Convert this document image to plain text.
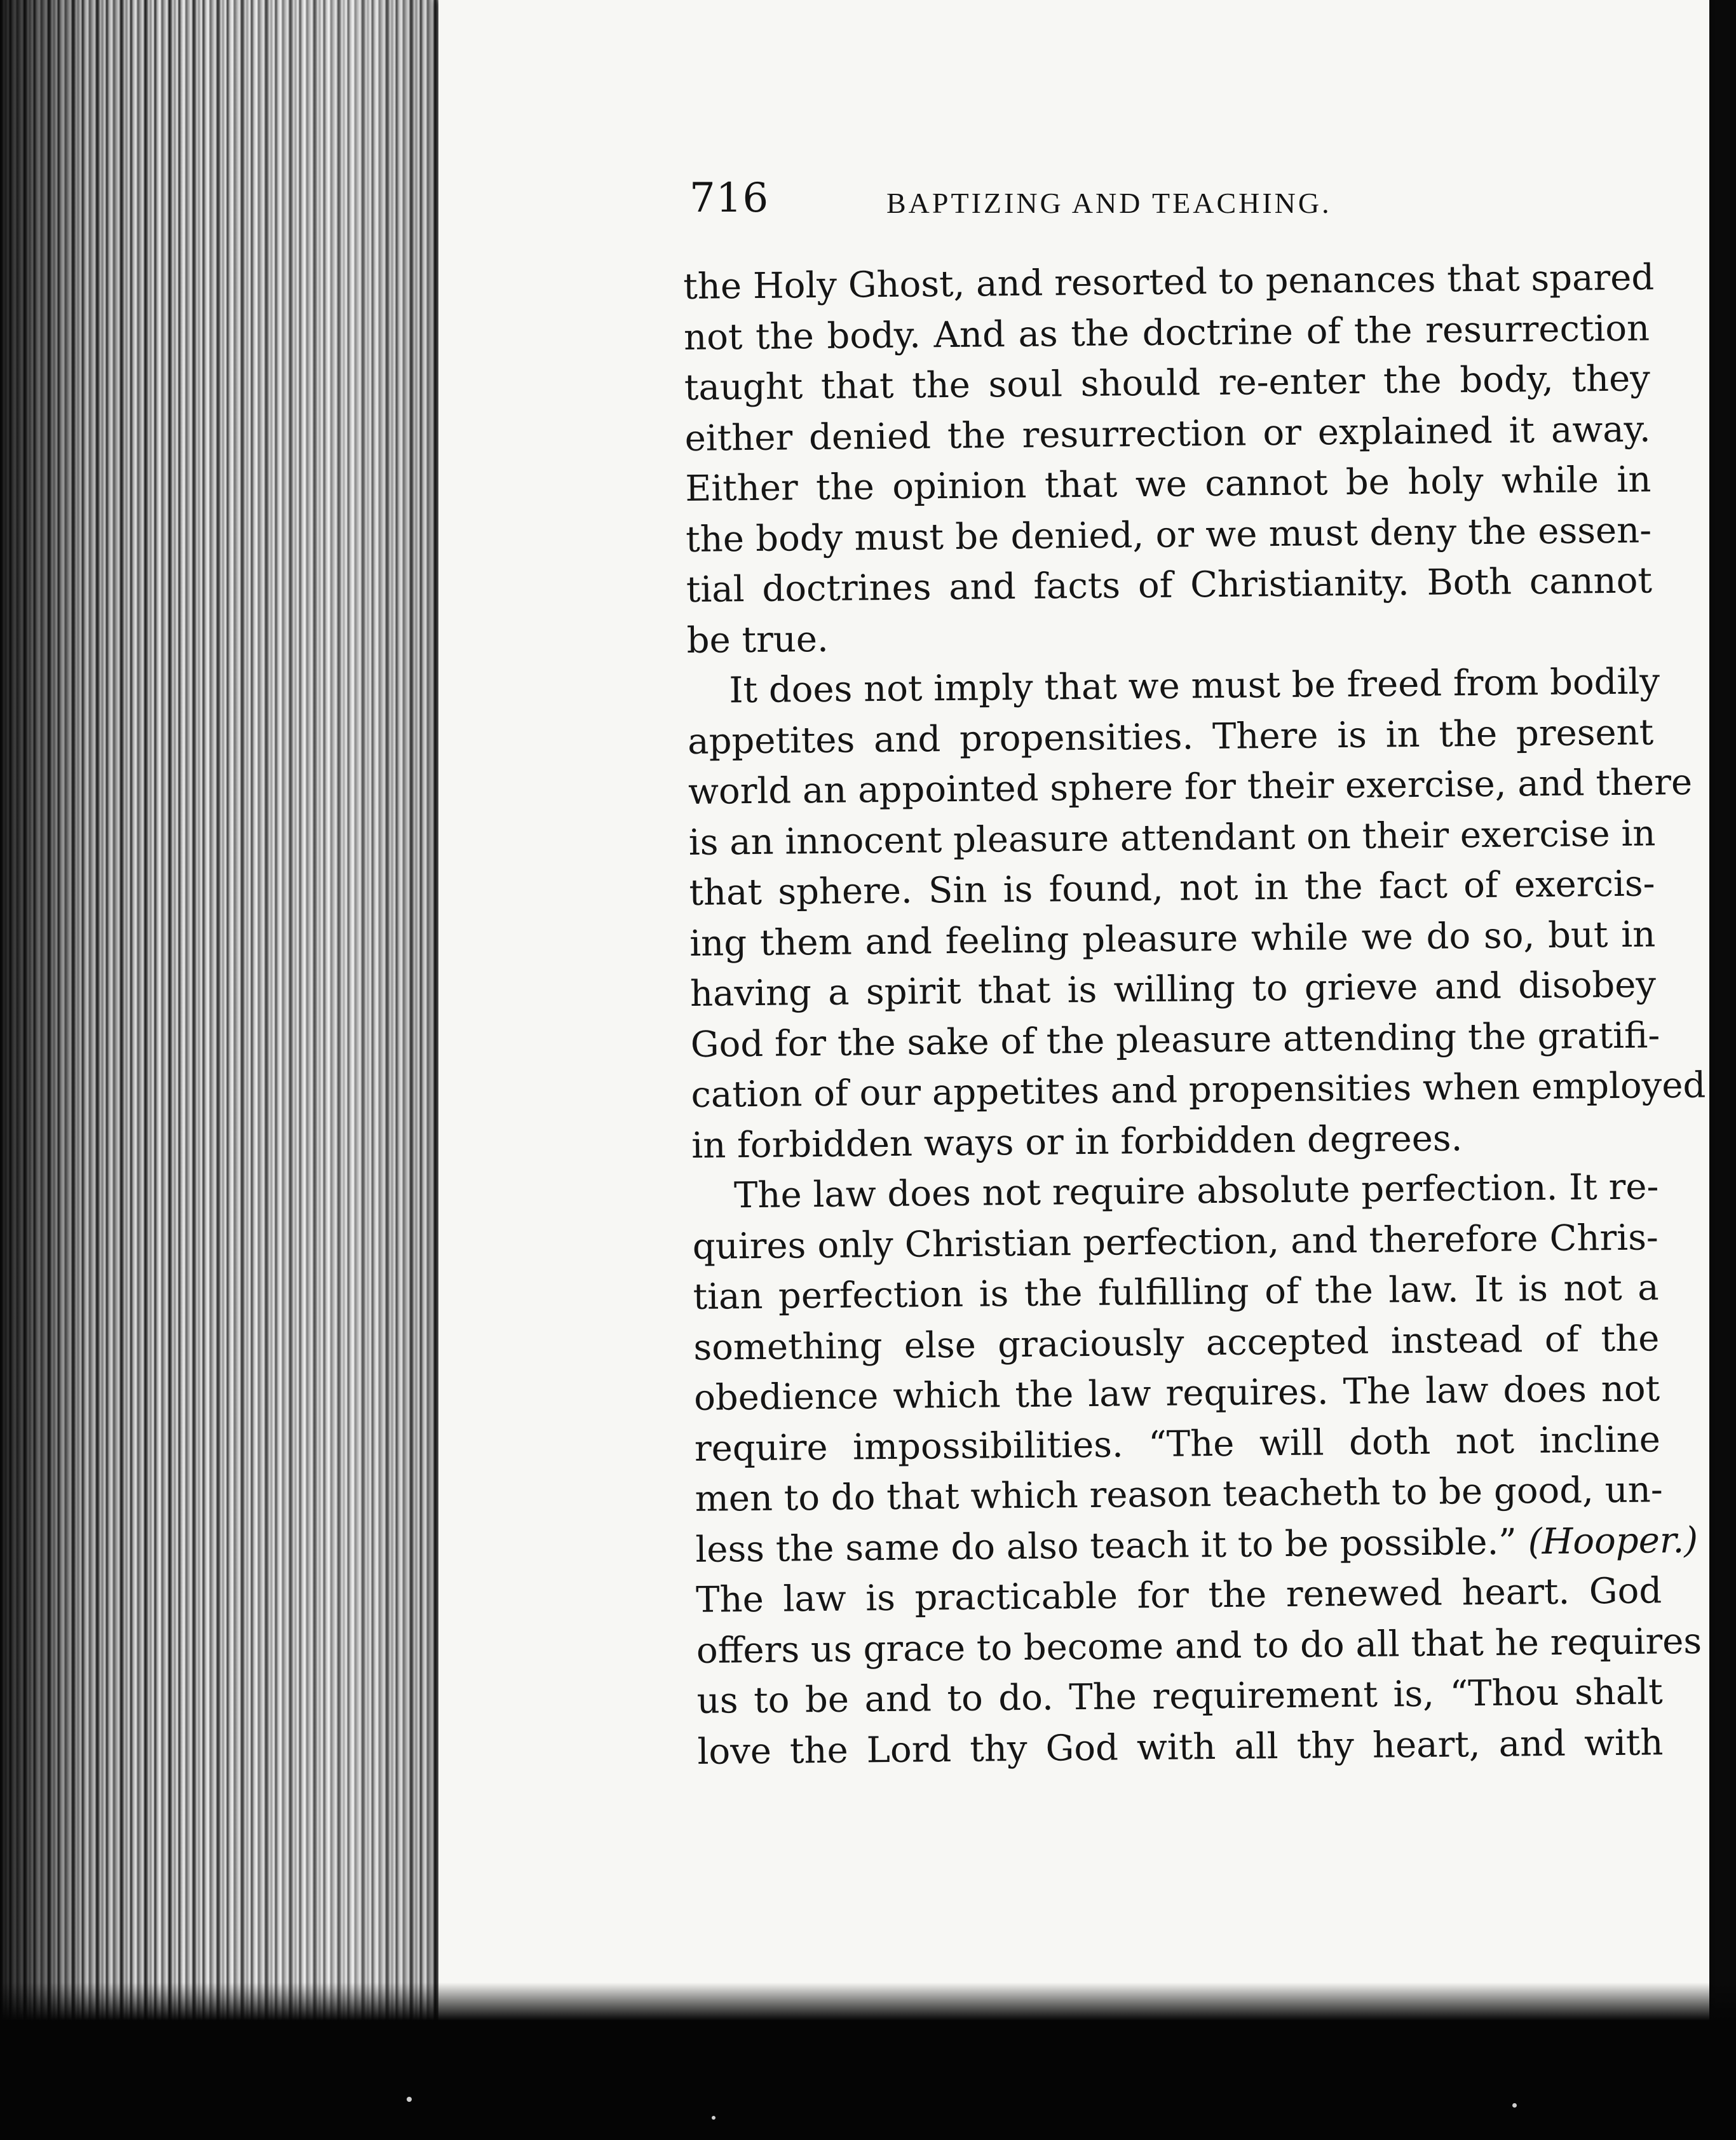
716	BAPTIZING AND TEACHING.
the Holy Ghost, and resorted to penances that spared
not the body. And as the doctrine of the resurrection
taught that the soul should re-enter the body, they
either denied the resurrection or explained it away.
Either the opinion that we cannot be holy while in
the body must be denied, or we must deny the essen-
tial doctrines and facts of Christianity. Both cannot
be true.
It does not imply that we must be freed from bodily
appetites and propensities. There is in the present
world an appointed sphere for their exercise, and there
is an innocent pleasure attendant on their exercise in
that sphere. Sin is found, not in the fact of exercis-
ing them and feeling pleasure while we do so, but in
having a spirit that is willing to grieve and disobey
God for the sake of the pleasure attending the gratifi-
cation of our appetites and propensities when employed
in forbidden ways or in forbidden degrees.
The law does not require absolute perfection. It re-
quires only Christian perfection, and therefore Chris-
tian perfection is the fulfilling of the law. It is not a
something else graciously accepted instead of the
obedience which the law requires. The law does not
require impossibilities. “The will doth not incline
men to do that which reason teacheth to be good, un-
less the same do also teach it to be possible.” (Hooper.)
The law is practicable for the renewed heart. God
offers us grace to become and to do all that he requires
us to be and to do. The requirement is, “Thou shalt
love the Lord thy God with all thy heart, and with
